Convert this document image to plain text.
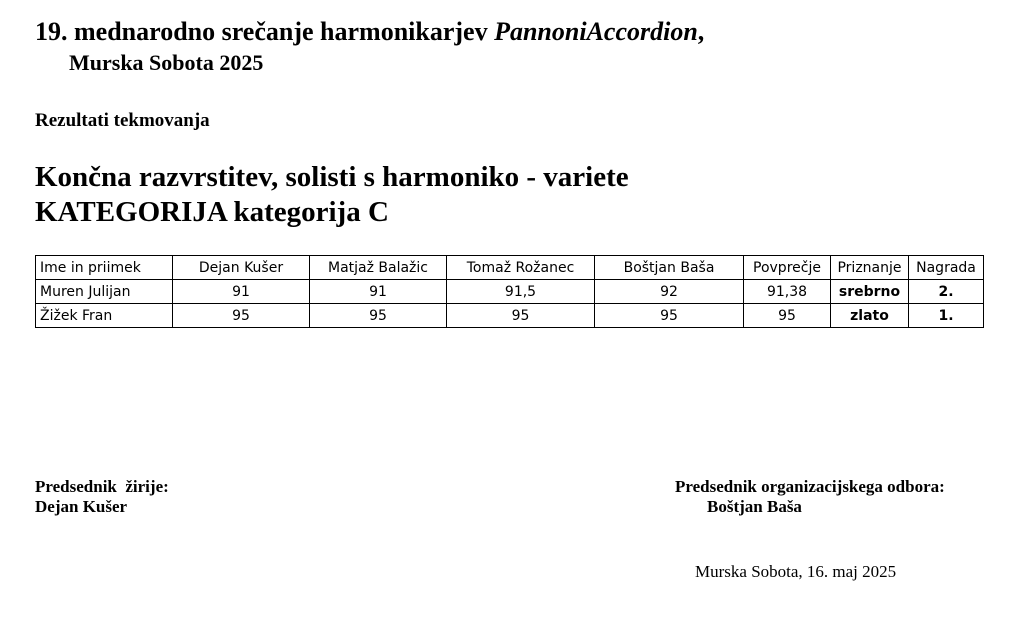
19. mednarodno srečanje harmonikarjev PannoniAccordion,
Murska Sobota 2025
Rezultati tekmovanja
Končna razvrstitev, solisti s harmoniko - variete
KATEGORIJA kategorija C
Ime in priimek	Dejan Kušer	Matjaž Balažic	Tomaž Rožanec	Boštjan Baša	Povprečje	Priznanje	Nagrada
Muren Julijan	91	91	91,5	92	91,38	srebrno	2.
Žižek Fran	95	95	95	95	95	zlato	1.
Predsednik  žirije:
Dejan Kušer
Predsednik organizacijskega odbora:
Boštjan Baša
Murska Sobota, 16. maj 2025
